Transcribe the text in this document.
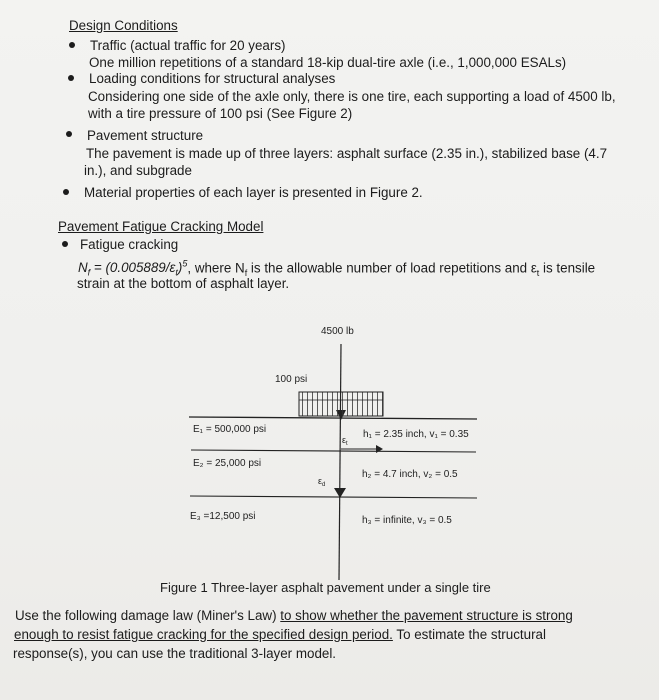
Design Conditions
Traffic (actual traffic for 20 years)
One million repetitions of a standard 18-kip dual-tire axle (i.e., 1,000,000 ESALs)
Loading conditions for structural analyses
Considering one side of the axle only, there is one tire, each supporting a load of 4500 lb,
with a tire pressure of 100 psi (See Figure 2)
Pavement structure
The pavement is made up of three layers: asphalt surface (2.35 in.), stabilized base (4.7
in.), and subgrade
Material properties of each layer is presented in Figure 2.
Pavement Fatigue Cracking Model
Fatigue cracking
$N_f = (0.005889/\varepsilon_t)^5$, where $N_f$ is the allowable number of load repetitions and $\varepsilon_t$ is tensile
strain at the bottom of asphalt layer.
4500 lb
100 psi
E₁ = 500,000 psi
E₂ = 25,000 psi
E₃ =12,500 psi
h₁ = 2.35 inch, v₁ = 0.35
h₂ = 4.7 inch, v₂ = 0.5
h₃ = infinite, v₃ = 0.5
$\varepsilon_t$
$\varepsilon_d$
Figure 1 Three-layer asphalt pavement under a single tire
Use the following damage law (Miner's Law) to show whether the pavement structure is strong
enough to resist fatigue cracking for the specified design period. To estimate the structural
response(s), you can use the traditional 3-layer model.
